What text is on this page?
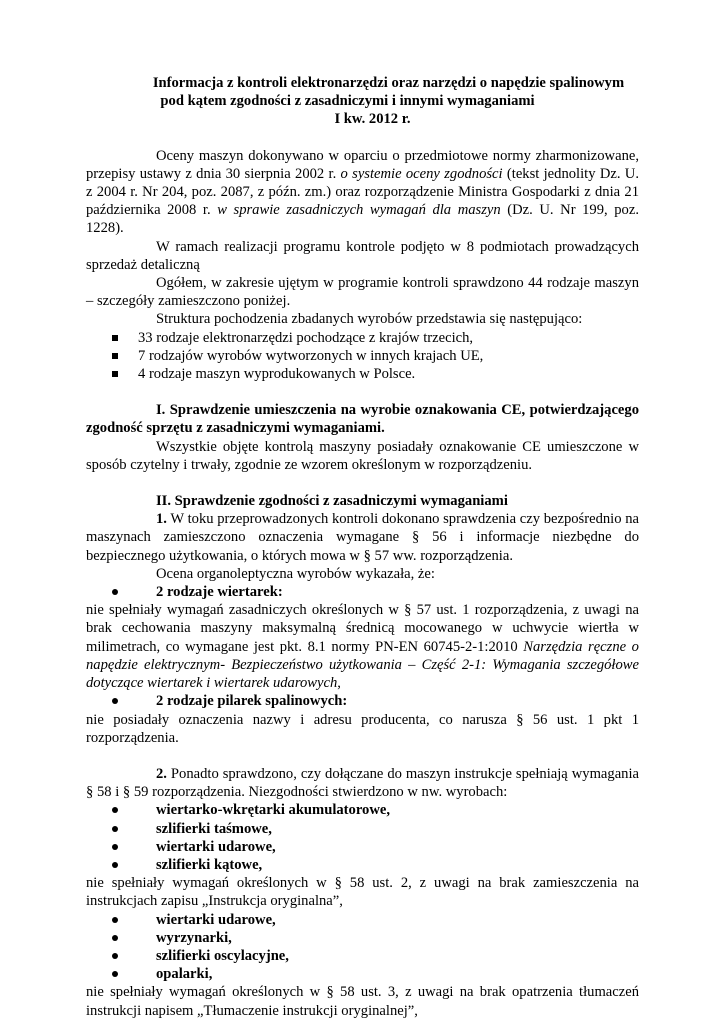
Informacja z kontroli elektronarzędzi oraz narzędzi o napędzie spalinowym
pod kątem zgodności z zasadniczymi i innymi wymaganiami
I kw. 2012 r.

Oceny maszyn dokonywano w oparciu o przedmiotowe normy zharmonizowane, przepisy ustawy z dnia 30 sierpnia 2002 r. o systemie oceny zgodności (tekst jednolity Dz. U. z 2004 r. Nr 204, poz. 2087, z późn. zm.) oraz rozporządzenie Ministra Gospodarki z dnia 21 października 2008 r. w sprawie zasadniczych wymagań dla maszyn (Dz. U. Nr 199, poz. 1228).

W ramach realizacji programu kontrole podjęto w 8 podmiotach prowadzących sprzedaż detaliczną

Ogółem, w zakresie ujętym w programie kontroli sprawdzono 44 rodzaje maszyn – szczegóły zamieszczono poniżej.

Struktura pochodzenia zbadanych wyrobów przedstawia się następująco:

33 rodzaje elektronarzędzi pochodzące z krajów trzecich,
7 rodzajów wyrobów wytworzonych w innych krajach UE,
4 rodzaje maszyn wyprodukowanych w Polsce.

I. Sprawdzenie umieszczenia na wyrobie oznakowania CE, potwierdzającego zgodność sprzętu z zasadniczymi wymaganiami.

Wszystkie objęte kontrolą maszyny posiadały oznakowanie CE umieszczone w sposób czytelny i trwały, zgodnie ze wzorem określonym w rozporządzeniu.

II. Sprawdzenie zgodności z zasadniczymi wymaganiami

1. W toku przeprowadzonych kontroli dokonano sprawdzenia czy bezpośrednio na maszynach zamieszczono oznaczenia wymagane § 56 i informacje niezbędne do bezpiecznego użytkowania, o których mowa w § 57 ww. rozporządzenia.

Ocena organoleptyczna wyrobów wykazała, że:

2 rodzaje wiertarek:

nie spełniały wymagań zasadniczych określonych w § 57 ust. 1 rozporządzenia, z uwagi na brak cechowania maszyny maksymalną średnicą mocowanego w uchwycie wiertła w milimetrach, co wymagane jest pkt. 8.1 normy PN-EN 60745-2-1:2010 Narzędzia ręczne o napędzie elektrycznym- Bezpieczeństwo użytkowania – Część 2-1: Wymagania szczegółowe dotyczące wiertarek i wiertarek udarowych,

2 rodzaje pilarek spalinowych:

nie posiadały oznaczenia nazwy i adresu producenta, co narusza § 56 ust. 1 pkt 1 rozporządzenia.

2. Ponadto sprawdzono, czy dołączane do maszyn instrukcje spełniają wymagania § 58 i § 59 rozporządzenia. Niezgodności stwierdzono w nw. wyrobach:

wiertarko-wkrętarki akumulatorowe,
szlifierki taśmowe,
wiertarki udarowe,
szlifierki kątowe,

nie spełniały wymagań określonych w § 58 ust. 2, z uwagi na brak zamieszczenia na instrukcjach zapisu „Instrukcja oryginalna”,

wiertarki udarowe,
wyrzynarki,
szlifierki oscylacyjne,
opalarki,

nie spełniały wymagań określonych w § 58 ust. 3, z uwagi na brak opatrzenia tłumaczeń instrukcji napisem „Tłumaczenie instrukcji oryginalnej”,
